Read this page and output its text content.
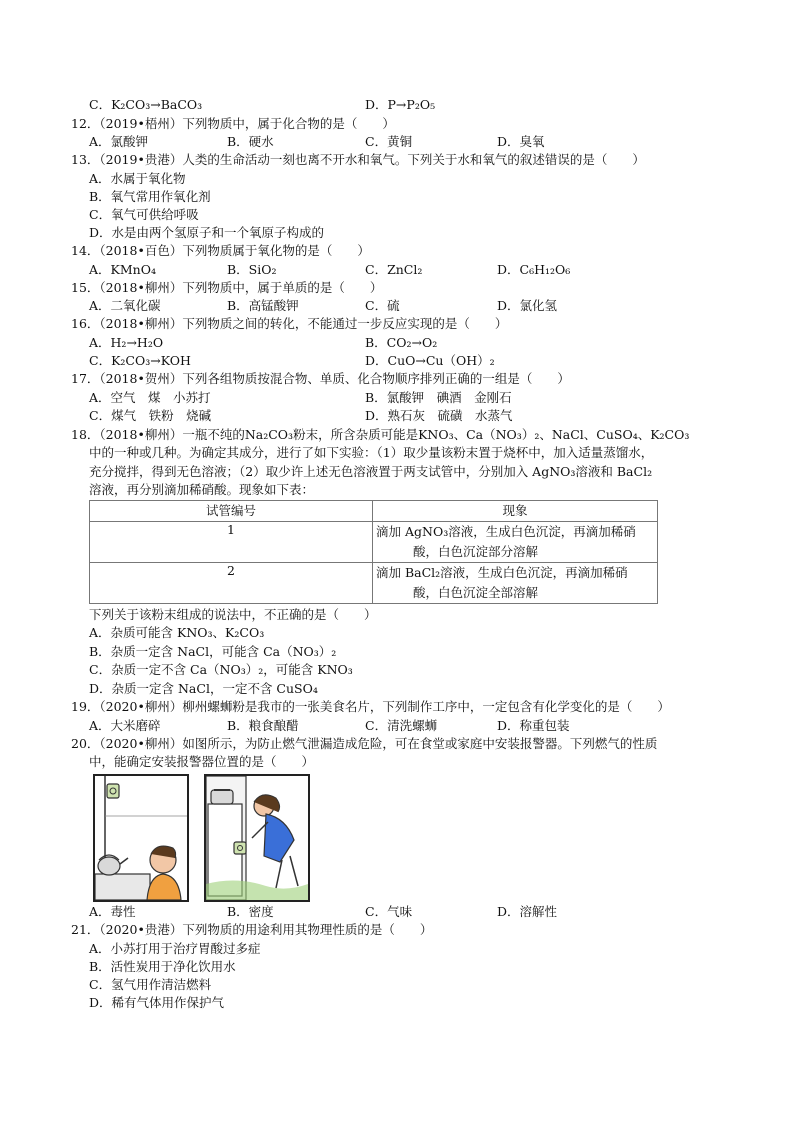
C．K₂CO₃→BaCO₃	D．P→P₂O₅
12．（2019•梧州）下列物质中，属于化合物的是（　　）
A．氯酸钾	B．硬水	C．黄铜	D．臭氧
13．（2019•贵港）人类的生命活动一刻也离不开水和氧气。下列关于水和氧气的叙述错误的是（　　）
A．水属于氧化物
B．氧气常用作氧化剂
C．氧气可供给呼吸
D．水是由两个氢原子和一个氧原子构成的
14．（2018•百色）下列物质属于氧化物的是（　　）
A．KMnO₄	B．SiO₂	C．ZnCl₂	D．C₆H₁₂O₆
15．（2018•柳州）下列物质中，属于单质的是（　　）
A．二氧化碳	B．高锰酸钾	C．硫	D．氯化氢
16．（2018•柳州）下列物质之间的转化，不能通过一步反应实现的是（　　）
A．H₂→H₂O	B．CO₂→O₂
C．K₂CO₃→KOH	D．CuO→Cu（OH）₂
17．（2018•贺州）下列各组物质按混合物、单质、化合物顺序排列正确的一组是（　　）
A．空气　煤　小苏打	B．氯酸钾　碘酒　金刚石
C．煤气　铁粉　烧碱	D．熟石灰　硫磺　水蒸气
18．（2018•柳州）一瓶不纯的Na₂CO₃粉末，所含杂质可能是KNO₃、Ca（NO₃）₂、NaCl、CuSO₄、K₂CO₃
中的一种或几种。为确定其成分，进行了如下实验：（1）取少量该粉末置于烧杯中，加入适量蒸馏水，
充分搅拌，得到无色溶液；（2）取少许上述无色溶液置于两支试管中，分别加入 AgNO₃溶液和 BaCl₂
溶液，再分别滴加稀硝酸。现象如下表：
试管编号	现象
1	滴加 AgNO₃溶液，生成白色沉淀，再滴加稀硝
酸，白色沉淀部分溶解

2	滴加 BaCl₂溶液，生成白色沉淀，再滴加稀硝
酸，白色沉淀全部溶解
下列关于该粉末组成的说法中，不正确的是（　　）
A．杂质可能含 KNO₃、K₂CO₃
B．杂质一定含 NaCl，可能含 Ca（NO₃）₂
C．杂质一定不含 Ca（NO₃）₂，可能含 KNO₃
D．杂质一定含 NaCl，一定不含 CuSO₄
19．（2020•柳州）柳州螺蛳粉是我市的一张美食名片，下列制作工序中，一定包含有化学变化的是（　　）
A．大米磨碎	B．粮食酿醋	C．清洗螺蛳	D．称重包装
20．（2020•柳州）如图所示，为防止燃气泄漏造成危险，可在食堂或家庭中安装报警器。下列燃气的性质
中，能确定安装报警器位置的是（　　）
A．毒性	B．密度	C．气味	D．溶解性
21．（2020•贵港）下列物质的用途利用其物理性质的是（　　）
A．小苏打用于治疗胃酸过多症
B．活性炭用于净化饮用水
C．氢气用作清洁燃料
D．稀有气体用作保护气
